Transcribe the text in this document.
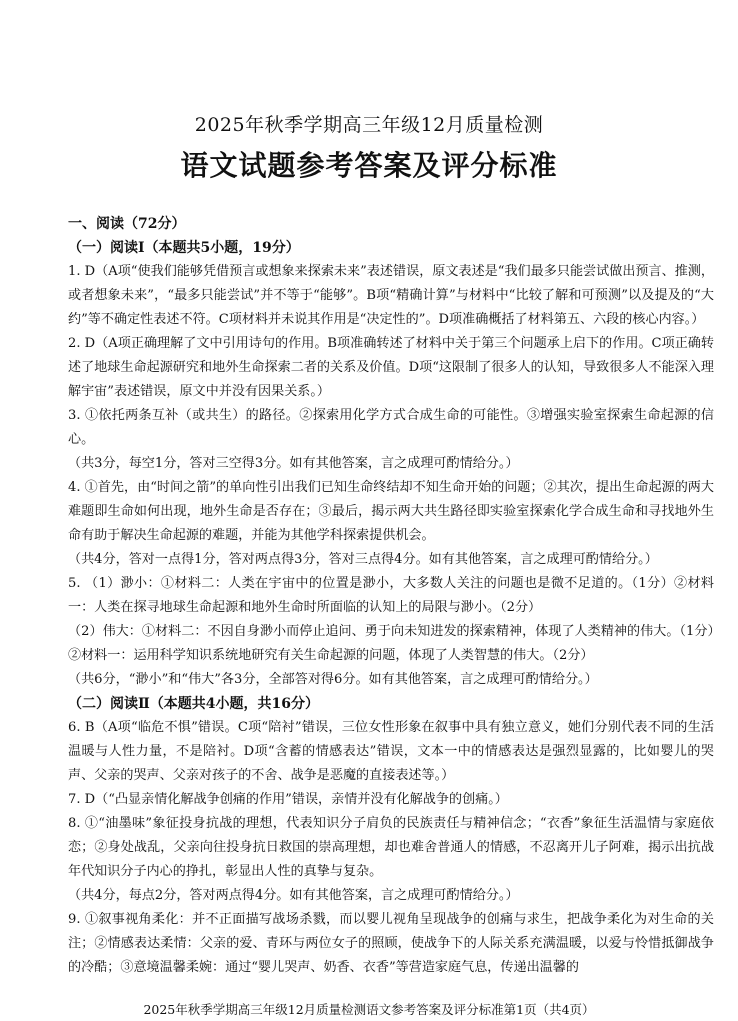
2025年秋季学期高三年级12月质量检测
语文试题参考答案及评分标准

一、阅读（72分）

（一）阅读Ⅰ（本题共5小题，19分）

1. D（A项“使我们能够凭借预言或想象来探索未来”表述错误，原文表述是“我们最多只能尝试做出预言、推测，或者想象未来”，“最多只能尝试”并不等于“能够”。B项“精确计算”与材料中“比较了解和可预测”以及提及的“大约”等不确定性表述不符。C项材料并未说其作用是“决定性的”。D项准确概括了材料第五、六段的核心内容。）

2. D（A项正确理解了文中引用诗句的作用。B项准确转述了材料中关于第三个问题承上启下的作用。C项正确转述了地球生命起源研究和地外生命探索二者的关系及价值。D项“这限制了很多人的认知，导致很多人不能深入理解宇宙”表述错误，原文中并没有因果关系。）

3. ①依托两条互补（或共生）的路径。②探索用化学方式合成生命的可能性。③增强实验室探索生命起源的信心。

（共3分，每空1分，答对三空得3分。如有其他答案，言之成理可酌情给分。）

4. ①首先，由“时间之箭”的单向性引出我们已知生命终结却不知生命开始的问题；②其次，提出生命起源的两大难题即生命如何出现，地外生命是否存在；③最后，揭示两大共生路径即实验室探索化学合成生命和寻找地外生命有助于解决生命起源的难题，并能为其他学科探索提供机会。

（共4分，答对一点得1分，答对两点得3分，答对三点得4分。如有其他答案，言之成理可酌情给分。）

5. （1）渺小：①材料二：人类在宇宙中的位置是渺小，大多数人关注的问题也是微不足道的。（1分）②材料一：人类在探寻地球生命起源和地外生命时所面临的认知上的局限与渺小。（2分）

（2）伟大：①材料二：不因自身渺小而停止追问、勇于向未知进发的探索精神，体现了人类精神的伟大。（1分）②材料一：运用科学知识系统地研究有关生命起源的问题，体现了人类智慧的伟大。（2分）

（共6分，“渺小”和“伟大”各3分，全部答对得6分。如有其他答案，言之成理可酌情给分。）

（二）阅读Ⅱ（本题共4小题，共16分）

6. B（A项“临危不惧”错误。C项“陪衬”错误，三位女性形象在叙事中具有独立意义，她们分别代表不同的生活温暖与人性力量，不是陪衬。D项“含蓄的情感表达”错误，文本一中的情感表达是强烈显露的，比如婴儿的哭声、父亲的哭声、父亲对孩子的不舍、战争是恶魔的直接表述等。）

7. D（“凸显亲情化解战争创痛的作用”错误，亲情并没有化解战争的创痛。）

8. ①“油墨味”象征投身抗战的理想，代表知识分子肩负的民族责任与精神信念；“衣香”象征生活温情与家庭依恋；②身处战乱，父亲向往投身抗日救国的崇高理想，却也难舍普通人的情感，不忍离开儿子阿难，揭示出抗战年代知识分子内心的挣扎，彰显出人性的真挚与复杂。

（共4分，每点2分，答对两点得4分。如有其他答案，言之成理可酌情给分。）

9. ①叙事视角柔化：并不正面描写战场杀戮，而以婴儿视角呈现战争的创痛与求生，把战争柔化为对生命的关注；②情感表达柔情：父亲的爱、青环与两位女子的照顾，使战争下的人际关系充满温暖，以爱与怜惜抵御战争的冷酷；③意境温馨柔婉：通过“婴儿哭声、奶香、衣香”等营造家庭气息，传递出温馨的

2025年秋季学期高三年级12月质量检测语文参考答案及评分标准第1页（共4页）
